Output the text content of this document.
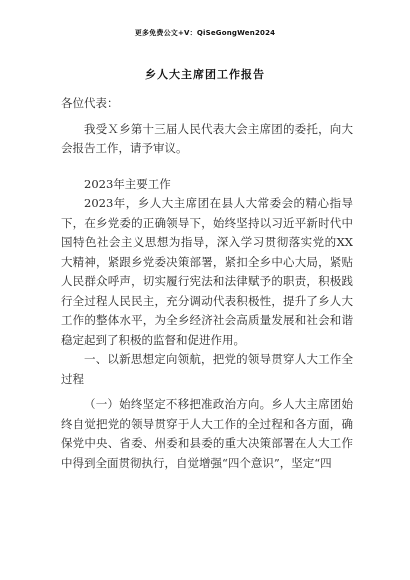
更多免费公文+V：QiSeGongWen2024
乡人大主席团工作报告

各位代表：

我受Ｘ乡第十三届人民代表大会主席团的委托，向大会报告工作，请予审议。

2023年主要工作

2023年，乡人大主席团在县人大常委会的精心指导下，在乡党委的正确领导下，始终坚持以习近平新时代中国特色社会主义思想为指导，深入学习贯彻落实党的XX大精神，紧跟乡党委决策部署，紧扣全乡中心大局，紧贴人民群众呼声，切实履行宪法和法律赋予的职责，积极践行全过程人民民主，充分调动代表积极性，提升了乡人大工作的整体水平，为全乡经济社会高质量发展和社会和谐稳定起到了积极的监督和促进作用。

一、以新思想定向领航，把党的领导贯穿人大工作全过程

（一）始终坚定不移把准政治方向。乡人大主席团始终自觉把党的领导贯穿于人大工作的全过程和各方面，确保党中央、省委、州委和县委的重大决策部署在人大工作中得到全面贯彻执行，自觉增强“四个意识”，坚定“四
